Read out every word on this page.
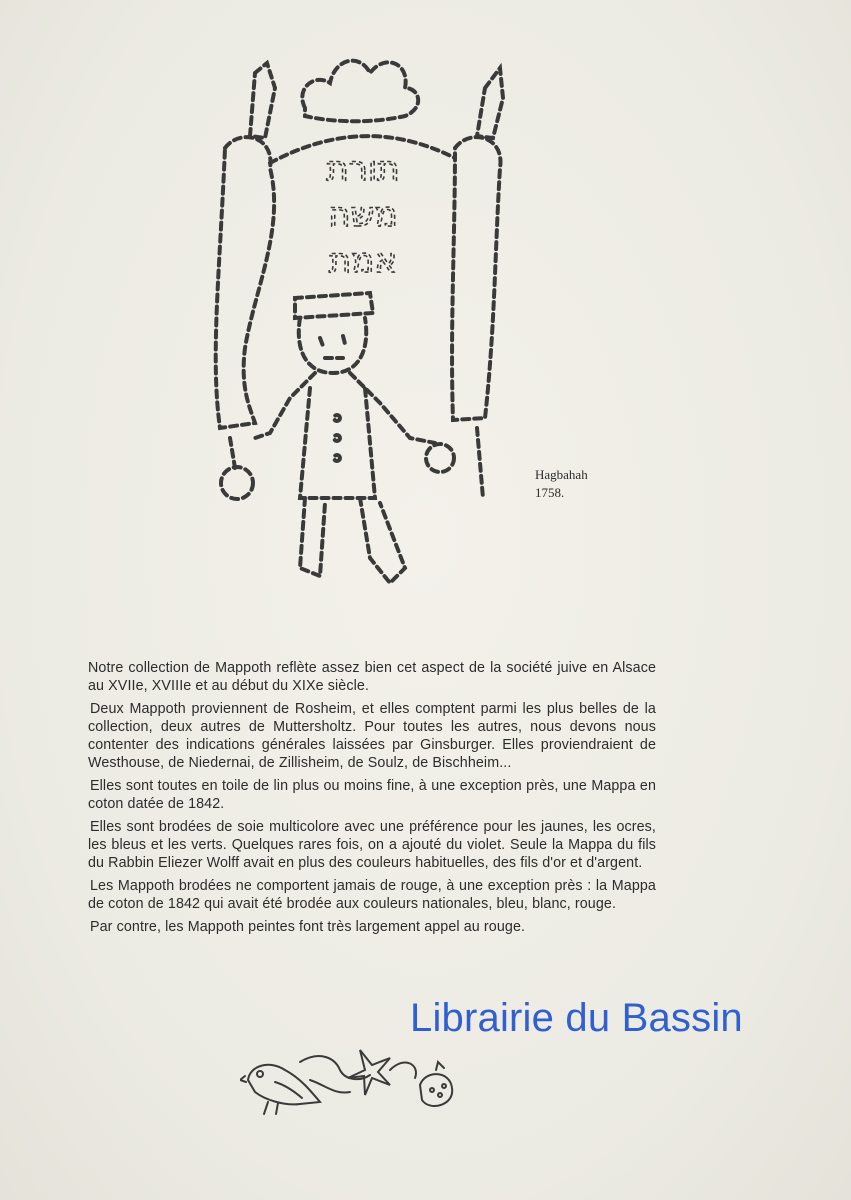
תורת
משה
אמת
Hagbahah
1758.

Notre collection de Mappoth reflète assez bien cet aspect de la société juive en Alsace au XVIIe, XVIIIe et au début du XIXe siècle.

Deux Mappoth proviennent de Rosheim, et elles comptent parmi les plus belles de la collection, deux autres de Muttersholtz. Pour toutes les autres, nous devons nous contenter des indications générales laissées par Ginsburger. Elles proviendraient de Westhouse, de Niedernai, de Zillisheim, de Soulz, de Bischheim...

Elles sont toutes en toile de lin plus ou moins fine, à une exception près, une Mappa en coton datée de 1842.

Elles sont brodées de soie multicolore avec une préférence pour les jaunes, les ocres, les bleus et les verts. Quelques rares fois, on a ajouté du violet. Seule la Mappa du fils du Rabbin Eliezer Wolff avait en plus des couleurs habituelles, des fils d'or et d'argent.

Les Mappoth brodées ne comportent jamais de rouge, à une exception près : la Mappa de coton de 1842 qui avait été brodée aux couleurs nationales, bleu, blanc, rouge.

Par contre, les Mappoth peintes font très largement appel au rouge.

Librairie du Bassin
